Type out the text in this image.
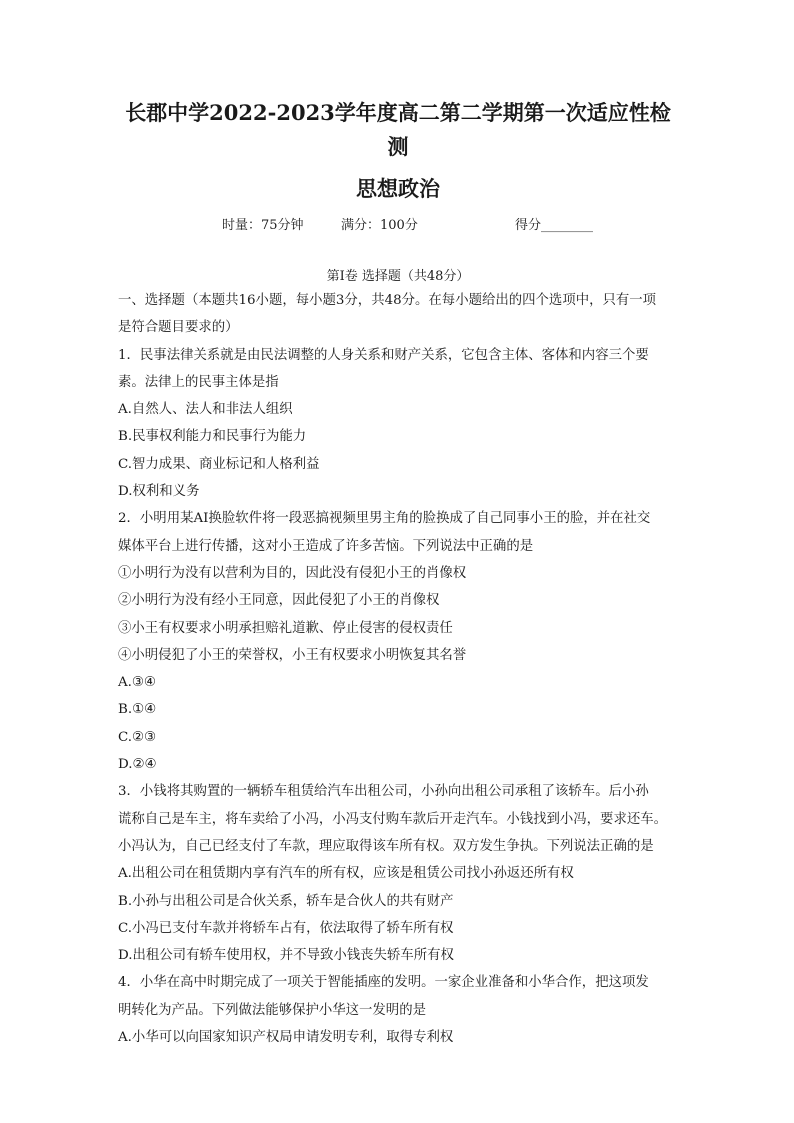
长郡中学2022-2023学年度高二第二学期第一次适应性检测
思想政治
时量：75分钟	满分：100分	得分________
第I卷 选择题（共48分）
一、选择题（本题共16小题，每小题3分，共48分。在每小题给出的四个选项中，只有一项
是符合题目要求的）
1．民事法律关系就是由民法调整的人身关系和财产关系，它包含主体、客体和内容三个要
素。法律上的民事主体是指
A.自然人、法人和非法人组织
B.民事权利能力和民事行为能力
C.智力成果、商业标记和人格利益
D.权利和义务
2．小明用某AI换脸软件将一段恶搞视频里男主角的脸换成了自己同事小王的脸，并在社交
媒体平台上进行传播，这对小王造成了许多苦恼。下列说法中正确的是
①小明行为没有以营利为目的，因此没有侵犯小王的肖像权
②小明行为没有经小王同意，因此侵犯了小王的肖像权
③小王有权要求小明承担赔礼道歉、停止侵害的侵权责任
④小明侵犯了小王的荣誉权，小王有权要求小明恢复其名誉
A.③④
B.①④
C.②③
D.②④
3．小钱将其购置的一辆轿车租赁给汽车出租公司，小孙向出租公司承租了该轿车。后小孙
谎称自己是车主，将车卖给了小冯，小冯支付购车款后开走汽车。小钱找到小冯，要求还车。
小冯认为，自己已经支付了车款，理应取得该车所有权。双方发生争执。下列说法正确的是
A.出租公司在租赁期内享有汽车的所有权，应该是租赁公司找小孙返还所有权
B.小孙与出租公司是合伙关系，轿车是合伙人的共有财产
C.小冯已支付车款并将轿车占有，依法取得了轿车所有权
D.出租公司有轿车使用权，并不导致小钱丧失轿车所有权
4．小华在高中时期完成了一项关于智能插座的发明。一家企业准备和小华合作，把这项发
明转化为产品。下列做法能够保护小华这一发明的是
A.小华可以向国家知识产权局申请发明专利，取得专利权
